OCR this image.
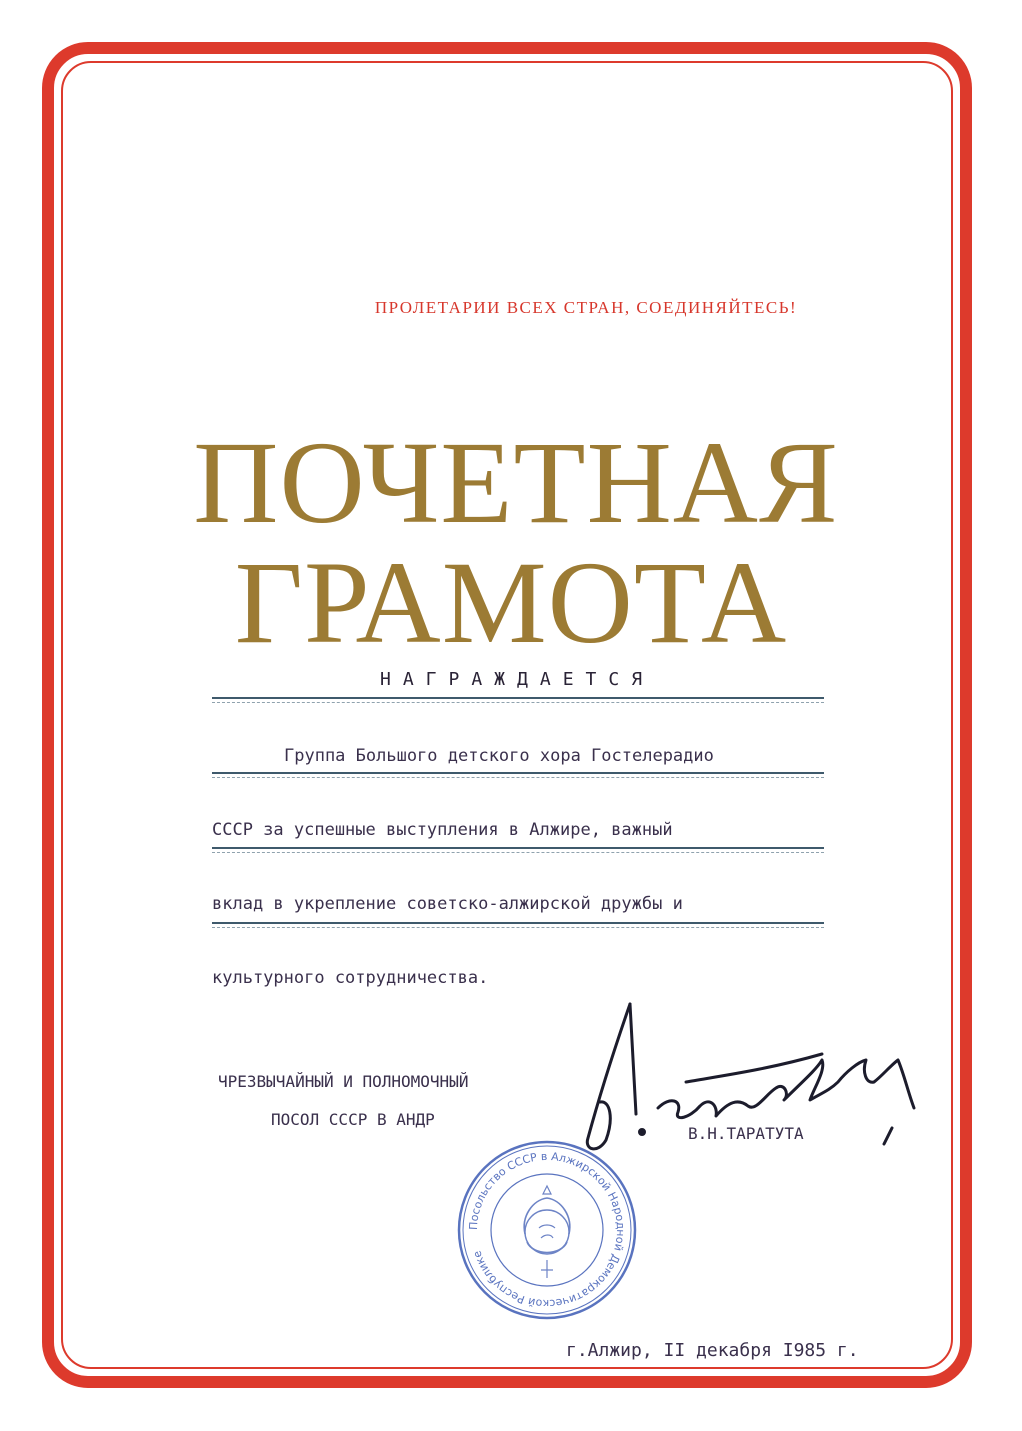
ПРОЛЕТАРИИ ВСЕХ СТРАН, СОЕДИНЯЙТЕСЬ!
ПОЧЕТНАЯ
ГРАМОТА
НАГРАЖДАЕТСЯ
Группа Большого детского хора Гостелерадио
СССР за успешные выступления в Алжире, важный
вклад в укрепление советско-алжирской дружбы и
культурного сотрудничества.
ЧРЕЗВЫЧАЙНЫЙ И ПОЛНОМОЧНЫЙ
ПОСОЛ СССР В АНДР
В.Н.ТАРАТУТА
Посольство СССР в Алжирской Народной Демократической Республике
г.Алжир, II декабря I985 г.
